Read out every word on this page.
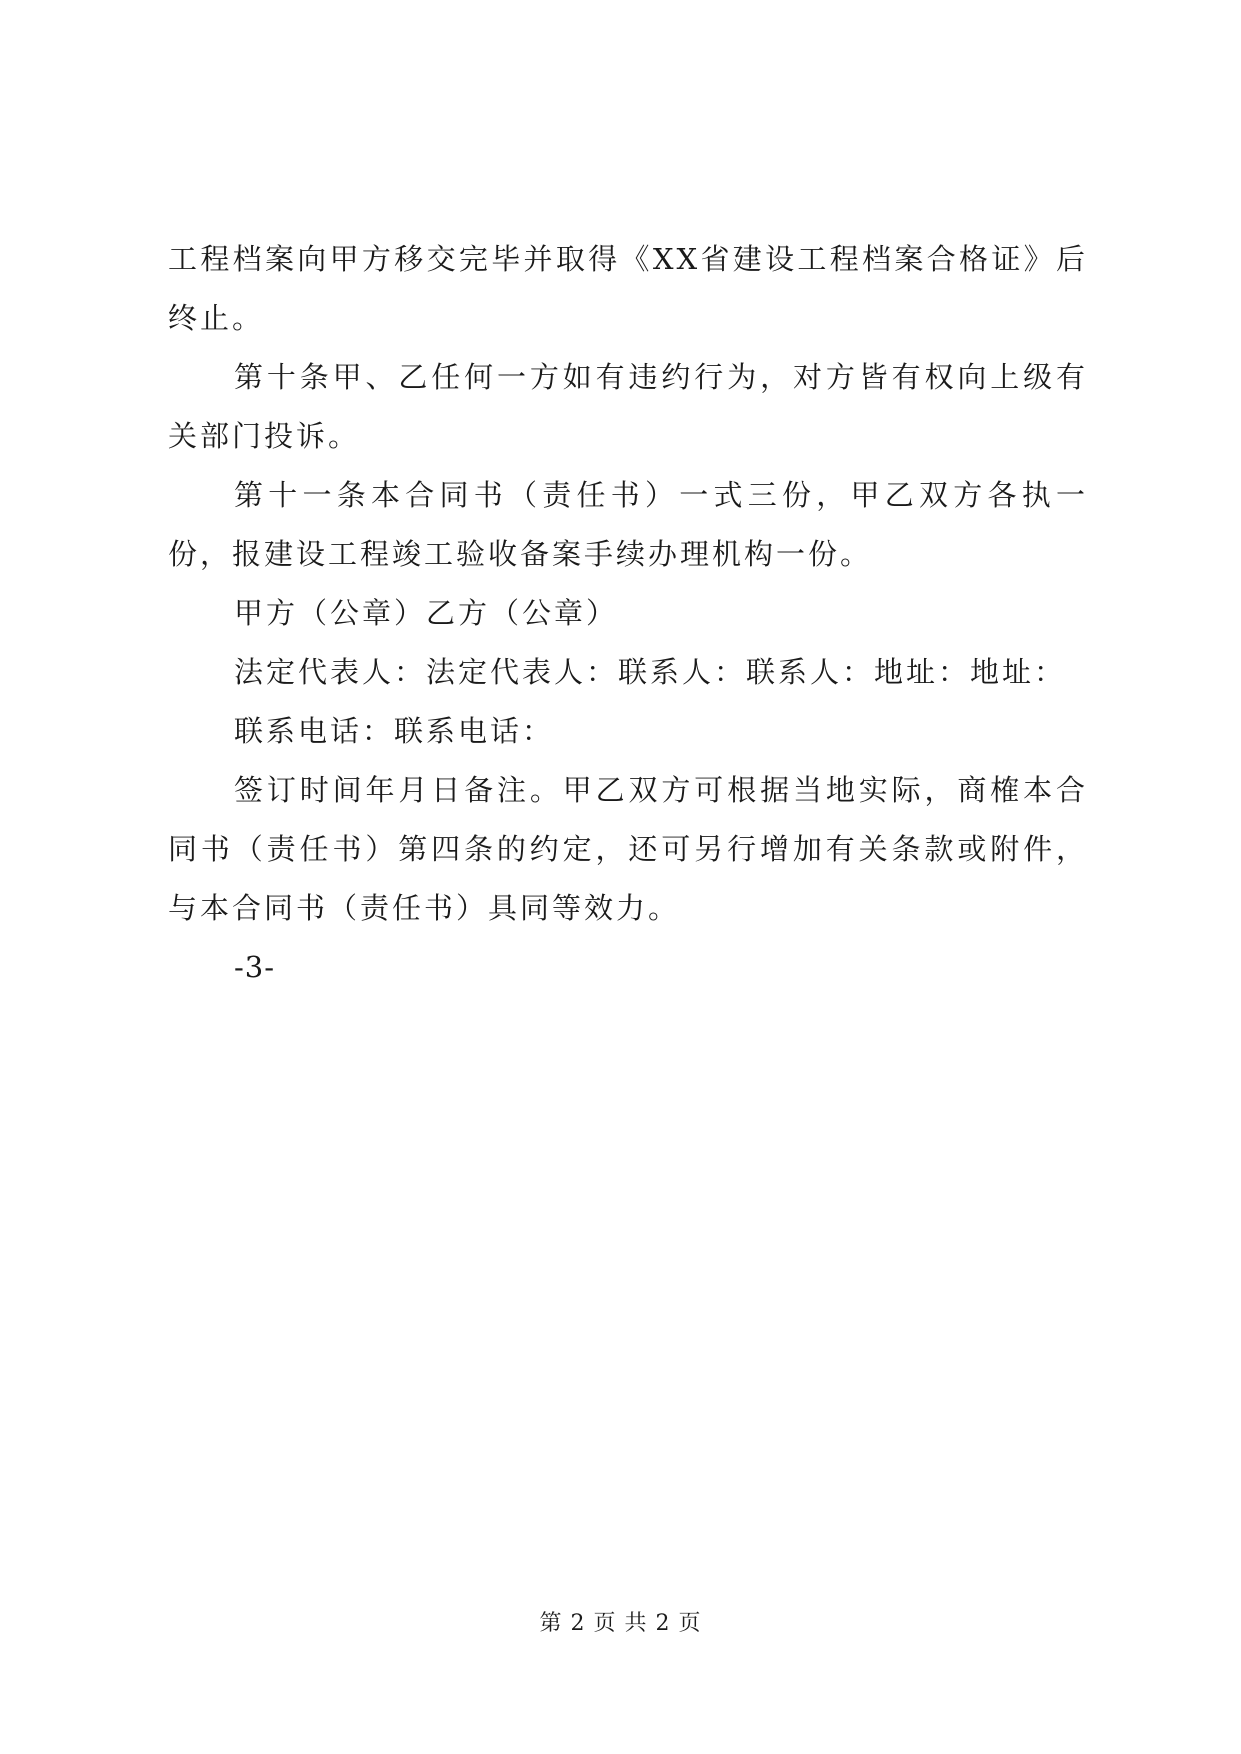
工程档案向甲方移交完毕并取得《XX省建设工程档案合格证》后终止。

第十条甲、乙任何一方如有违约行为，对方皆有权向上级有关部门投诉。

第十一条本合同书（责任书）一式三份，甲乙双方各执一份，报建设工程竣工验收备案手续办理机构一份。

甲方（公章）乙方（公章）

法定代表人：法定代表人：联系人：联系人：地址：地址：

联系电话：联系电话：

签订时间年月日备注。甲乙双方可根据当地实际，商榷本合同书（责任书）第四条的约定，还可另行增加有关条款或附件，与本合同书（责任书）具同等效力。

-3-

第 2 页 共 2 页
